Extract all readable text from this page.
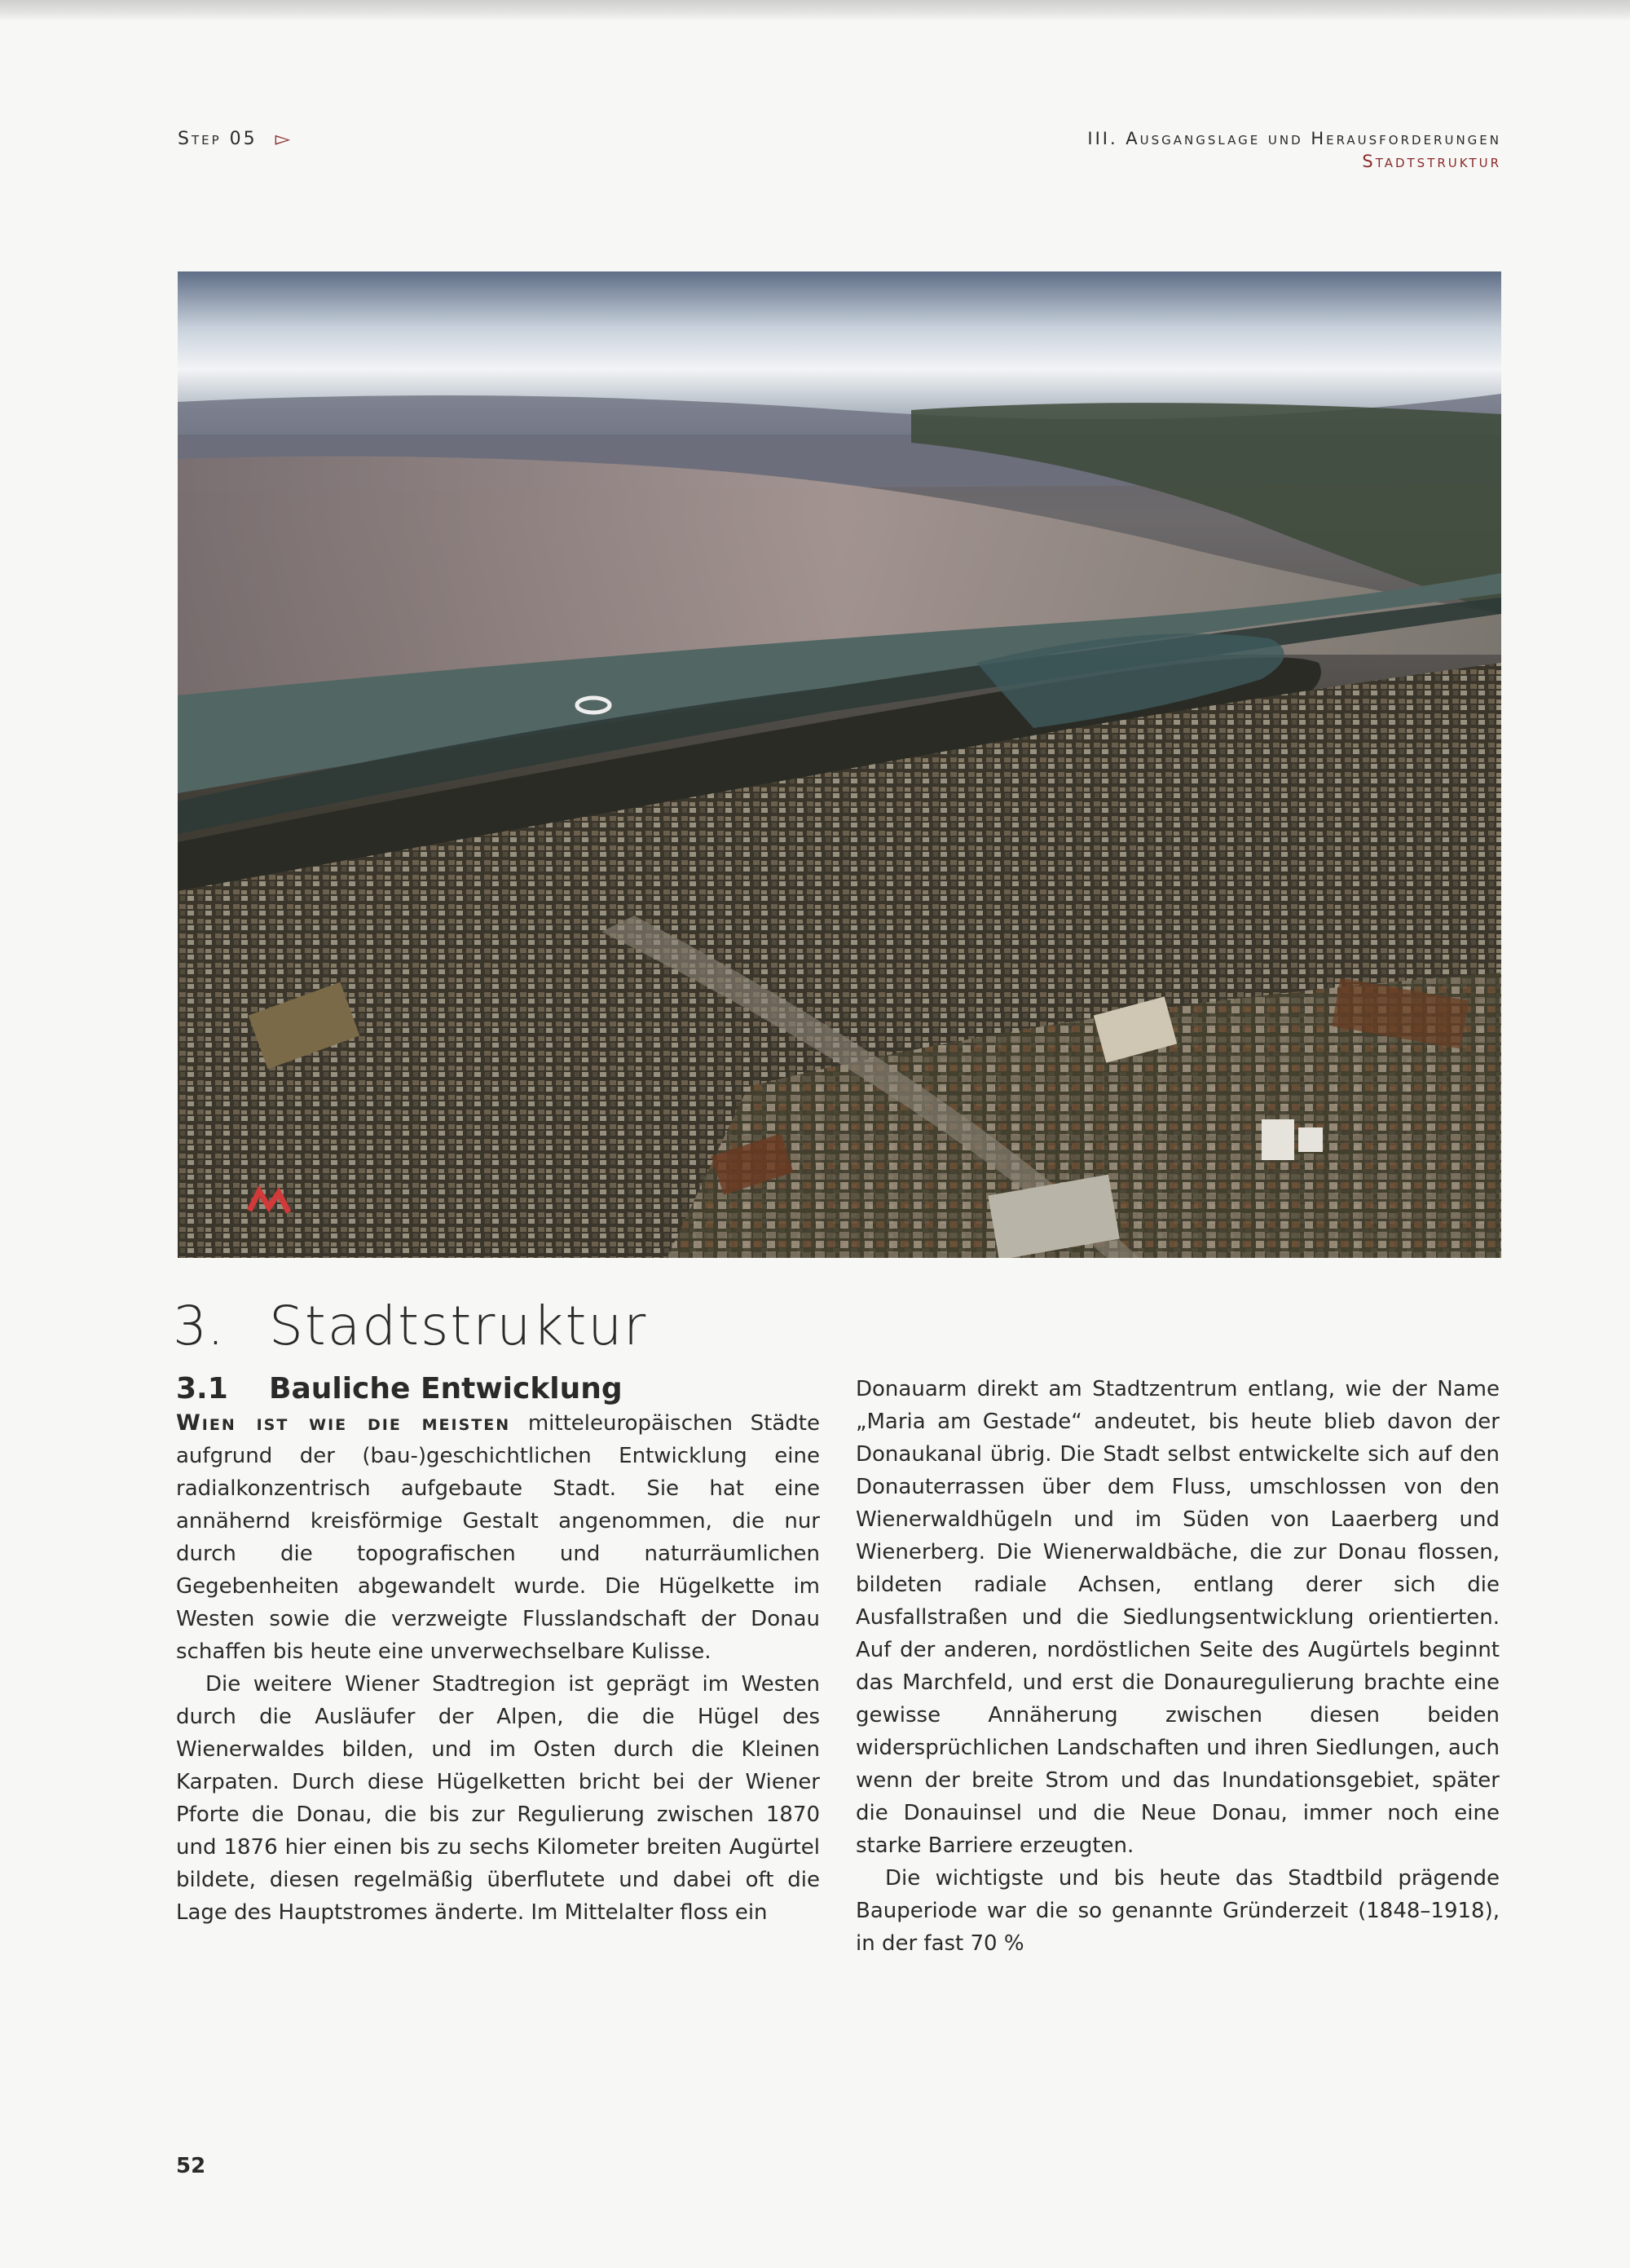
Step 05 ▻	III. Ausgangslage und Herausforderungen
Stadtstruktur
3. Stadtstruktur
3.1	Bauliche Entwicklung

Wien ist wie die meisten mitteleuropäischen Städte aufgrund der (bau-)geschichtlichen Entwicklung eine radialkonzentrisch aufgebaute Stadt. Sie hat eine annähernd kreisförmige Gestalt angenommen, die nur durch die topografischen und naturräumlichen Gegebenheiten abgewandelt wurde. Die Hügelkette im Westen sowie die verzweigte Flusslandschaft der Donau schaffen bis heute eine unverwechselbare Kulisse.

Die weitere Wiener Stadtregion ist geprägt im Westen durch die Ausläufer der Alpen, die die Hügel des Wienerwaldes bilden, und im Osten durch die Kleinen Karpaten. Durch diese Hügelketten bricht bei der Wiener Pforte die Donau, die bis zur Regulierung zwischen 1870 und 1876 hier einen bis zu sechs Kilometer breiten Augürtel bildete, diesen regelmäßig überflutete und dabei oft die Lage des Hauptstromes änderte. Im Mittelalter floss ein

Donauarm direkt am Stadtzentrum entlang, wie der Name „Maria am Gestade“ andeutet, bis heute blieb davon der Donaukanal übrig. Die Stadt selbst entwickelte sich auf den Donauterrassen über dem Fluss, umschlossen von den Wienerwaldhügeln und im Süden von Laaerberg und Wienerberg. Die Wienerwaldbäche, die zur Donau flossen, bildeten radiale Achsen, entlang derer sich die Ausfallstraßen und die Siedlungsentwicklung orientierten. Auf der anderen, nordöstlichen Seite des Augürtels beginnt das Marchfeld, und erst die Donauregulierung brachte eine gewisse Annäherung zwischen diesen beiden widersprüchlichen Landschaften und ihren Siedlungen, auch wenn der breite Strom und das Inundationsgebiet, später die Donauinsel und die Neue Donau, immer noch eine starke Barriere erzeugten.

Die wichtigste und bis heute das Stadtbild prägende Bauperiode war die so genannte Gründerzeit (1848–1918), in der fast 70 %

52
